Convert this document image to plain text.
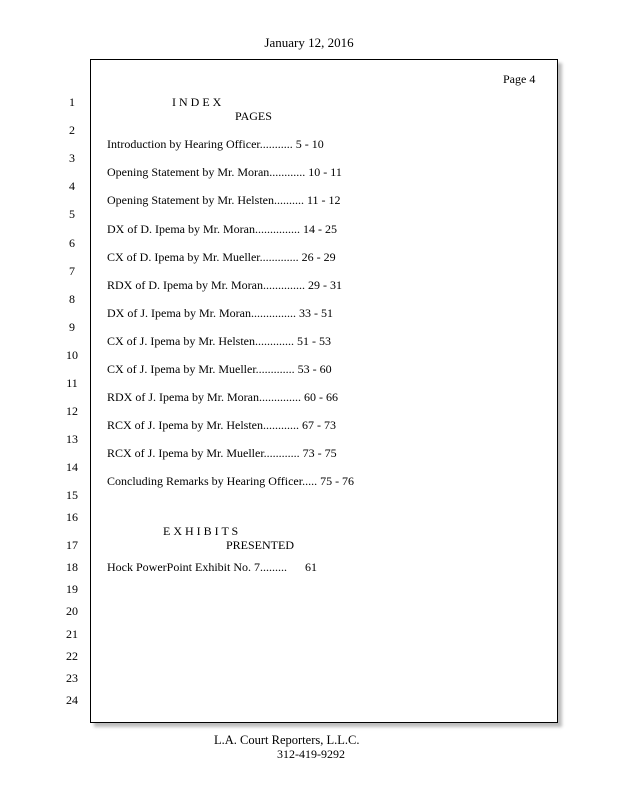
January 12, 2016
Page 4
1
2
3
4
5
6
7
8
9
10
11
12
13
14
15
16
17
18
19
20
21
22
23
24
I N D E X
PAGES
Introduction by Hearing Officer........... 5 - 10
Opening Statement by Mr. Moran............ 10 - 11
Opening Statement by Mr. Helsten.......... 11 - 12
DX of D. Ipema by Mr. Moran............... 14 - 25
CX of D. Ipema by Mr. Mueller............. 26 - 29
RDX of D. Ipema by Mr. Moran.............. 29 - 31
DX of J. Ipema by Mr. Moran............... 33 - 51
CX of J. Ipema by Mr. Helsten............. 51 - 53
CX of J. Ipema by Mr. Mueller............. 53 - 60
RDX of J. Ipema by Mr. Moran.............. 60 - 66
RCX of J. Ipema by Mr. Helsten............ 67 - 73
RCX of J. Ipema by Mr. Mueller............ 73 - 75
Concluding Remarks by Hearing Officer..... 75 - 76
E X H I B I T S
PRESENTED
Hock PowerPoint Exhibit No. 7.........      61
L.A. Court Reporters, L.L.C.
312-419-9292
